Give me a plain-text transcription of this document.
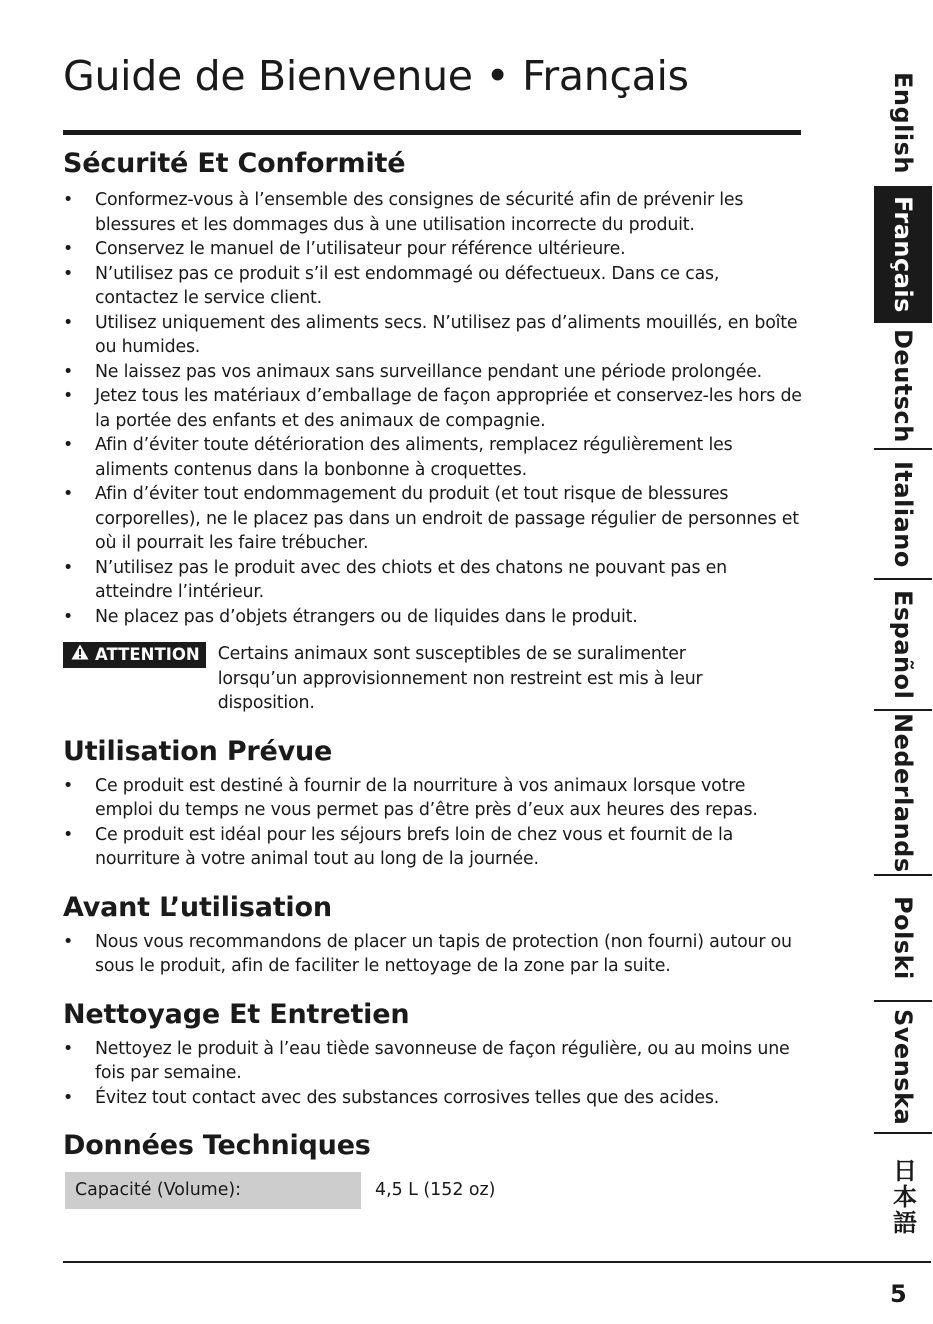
Guide de Bienvenue • Français
Sécurité Et Conformité
• Conformez-vous à l’ensemble des consignes de sécurité afin de prévenir les blessures et les dommages dus à une utilisation incorrecte du produit.
• Conservez le manuel de l’utilisateur pour référence ultérieure.
• N’utilisez pas ce produit s’il est endommagé ou défectueux. Dans ce cas, contactez le service client.
• Utilisez uniquement des aliments secs. N’utilisez pas d’aliments mouillés, en boîte ou humides.
• Ne laissez pas vos animaux sans surveillance pendant une période prolongée.
• Jetez tous les matériaux d’emballage de façon appropriée et conservez-les hors de la portée des enfants et des animaux de compagnie.
• Afin d’éviter toute détérioration des aliments, remplacez régulièrement les aliments contenus dans la bonbonne à croquettes.
• Afin d’éviter tout endommagement du produit (et tout risque de blessures corporelles), ne le placez pas dans un endroit de passage régulier de personnes et où il pourrait les faire trébucher.
• N’utilisez pas le produit avec des chiots et des chatons ne pouvant pas en atteindre l’intérieur.
• Ne placez pas d’objets étrangers ou de liquides dans le produit.
ATTENTION Certains animaux sont susceptibles de se suralimenter lorsqu’un approvisionnement non restreint est mis à leur disposition.
Utilisation Prévue
• Ce produit est destiné à fournir de la nourriture à vos animaux lorsque votre emploi du temps ne vous permet pas d’être près d’eux aux heures des repas.
• Ce produit est idéal pour les séjours brefs loin de chez vous et fournit de la nourriture à votre animal tout au long de la journée.
Avant L’utilisation
• Nous vous recommandons de placer un tapis de protection (non fourni) autour ou sous le produit, afin de faciliter le nettoyage de la zone par la suite.
Nettoyage Et Entretien
• Nettoyez le produit à l’eau tiède savonneuse de façon régulière, ou au moins une fois par semaine.
• Évitez tout contact avec des substances corrosives telles que des acides.
Données Techniques
Capacité (Volume):	4,5 L (152 oz)
English
Français
Deutsch
Italiano
Español
Nederlands
Polski
Svenska
日本語
5
